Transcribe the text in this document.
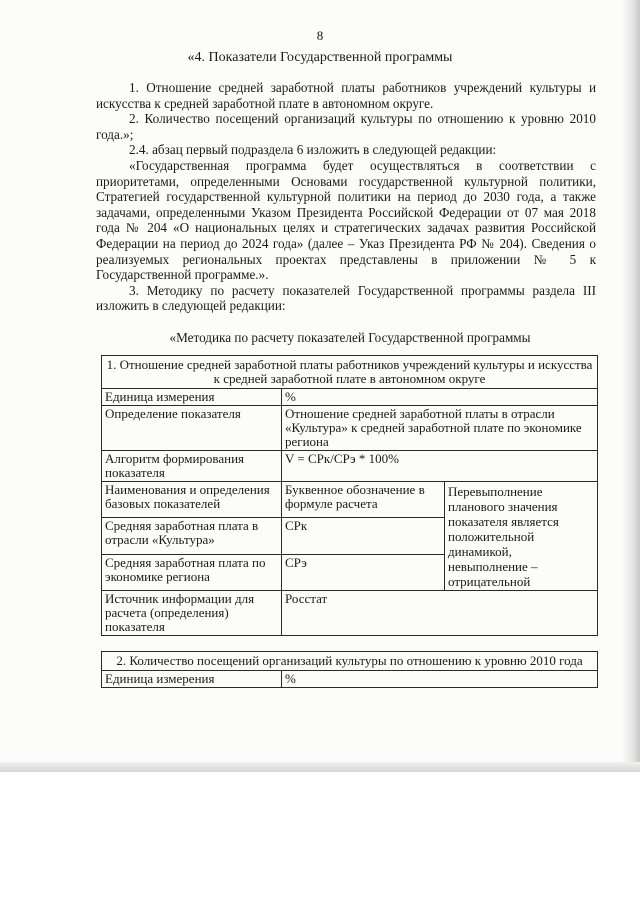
8
«4. Показатели Государственной программы

1. Отношение средней заработной платы работников учреждений культуры и искусства к средней заработной плате в автономном округе.

2. Количество посещений организаций культуры по отношению к уровню 2010 года.»;

2.4. абзац первый подраздела 6 изложить в следующей редакции:

«Государственная программа будет осуществляться в соответствии с приоритетами, определенными Основами государственной культурной политики, Стратегией государственной культурной политики на период до 2030 года, а также задачами, определенными Указом Президента Российской Федерации от 07 мая 2018 года № 204 «О национальных целях и стратегических задачах развития Российской Федерации на период до 2024 года» (далее – Указ Президента РФ № 204). Сведения о реализуемых региональных проектах представлены в приложении № 5 к Государственной программе.».

3. Методику по расчету показателей Государственной программы раздела III изложить в следующей редакции:

«Методика по расчету показателей Государственной программы
1. Отношение средней заработной платы работников учреждений культуры и искусства к средней заработной плате в автономном округе		
Единица измерения	%	
Определение показателя	Отношение средней заработной платы в отрасли «Культура» к средней заработной плате по экономике региона	
Алгоритм формирования показателя	V = СРк/СРэ * 100%	
Наименования и определения базовых показателей	Буквенное обозначение в формуле расчета	Перевыполнение планового значения показателя является положительной динамикой, невыполнение – отрицательной
Средняя заработная плата в отрасли «Культура»	СРк	
Средняя заработная плата по экономике региона	СРэ	
Источник информации для расчета (определения) показателя	Росстат	
2. Количество посещений организаций культуры по отношению к уровню 2010 года
Единица измерения	%
